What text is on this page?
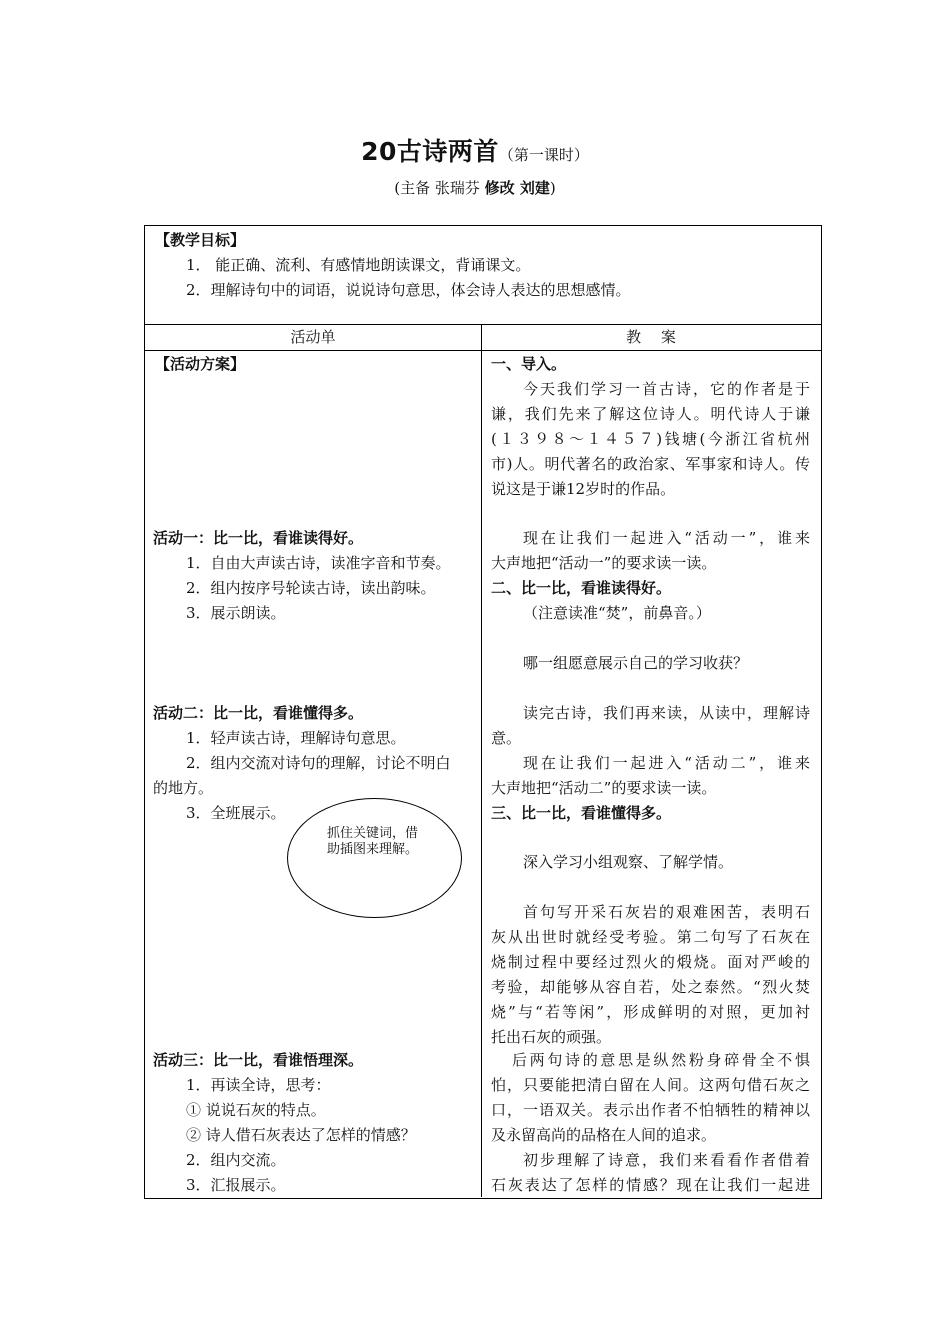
20古诗两首（第一课时）
(主备 张瑞芬 修改 刘建)
【教学目标】
1． 能正确、流利、有感情地朗读课文，背诵课文。
2．理解诗句中的词语，说说诗句意思，体会诗人表达的思想感情。
活动单	教　 案
【活动方案】
活动一：比一比，看谁读得好。
1．自由大声读古诗，读准字音和节奏。
2．组内按序号轮读古诗，读出韵味。
3．展示朗读。
活动二：比一比，看谁懂得多。
1．轻声读古诗，理解诗句意思。
2．组内交流对诗句的理解，讨论不明白
的地方。
3．全班展示。
抓住关键词，借助插图来理解。
活动三：比一比，看谁悟理深。
1．再读全诗，思考：
① 说说石灰的特点。
② 诗人借石灰表达了怎样的情感？
2．组内交流。
3．汇报展示。
一、导入。
今天我们学习一首古诗，它的作者是于
谦，我们先来了解这位诗人。明代诗人于谦
(１３９８～１４５７)钱塘(今浙江省杭州
市)人。明代著名的政治家、军事家和诗人。传
说这是于谦12岁时的作品。
现在让我们一起进入“活动一”，谁来
大声地把“活动一”的要求读一读。
二、比一比，看谁读得好。
（注意读准“焚”，前鼻音。）
哪一组愿意展示自己的学习收获？
读完古诗，我们再来读，从读中，理解诗
意。
现在让我们一起进入“活动二”，谁来
大声地把“活动二”的要求读一读。
三、比一比，看谁懂得多。
深入学习小组观察、了解学情。
首句写开采石灰岩的艰难困苦，表明石
灰从出世时就经受考验。第二句写了石灰在
烧制过程中要经过烈火的煅烧。面对严峻的
考验，却能够从容自若，处之泰然。“烈火焚
烧”与“若等闲”，形成鲜明的对照，更加衬
托出石灰的顽强。
后两句诗的意思是纵然粉身碎骨全不惧
怕，只要能把清白留在人间。这两句借石灰之
口，一语双关。表示出作者不怕牺牲的精神以
及永留高尚的品格在人间的追求。
初步理解了诗意，我们来看看作者借着
石灰表达了怎样的情感？现在让我们一起进
